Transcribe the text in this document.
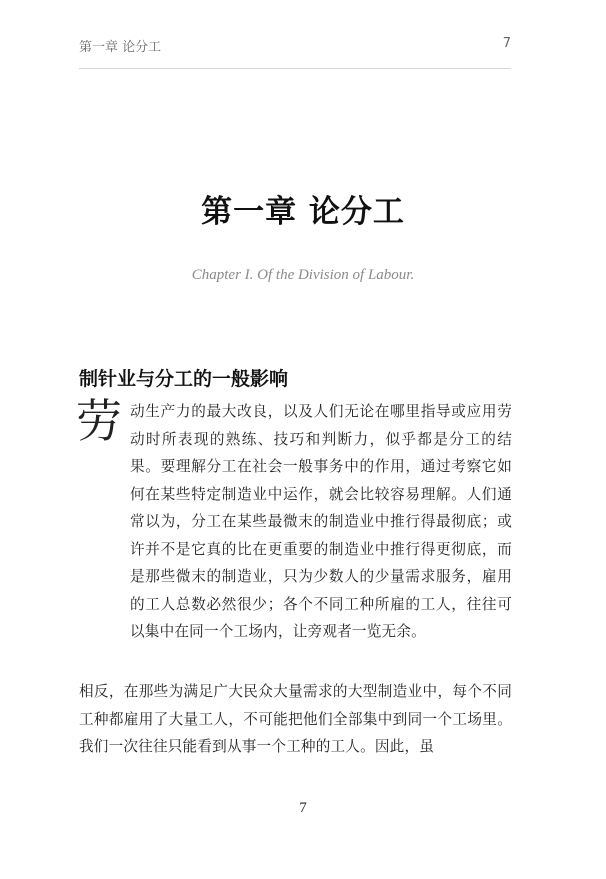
第一章 论分工	7
第一章 论分工

Chapter I. Of the Division of Labour.

制针业与分工的一般影响
劳 动生产力的最大改良，以及人们无论在哪里指导或应用劳动时所表现的熟练、技巧和判断力，似乎都是分工的结果。要理解分工在社会一般事务中的作用，通过考察它如何在某些特定制造业中运作，就会比较容易理解。人们通常以为，分工在某些最微末的制造业中推行得最彻底；或许并不是它真的比在更重要的制造业中推行得更彻底，而是那些微末的制造业，只为少数人的少量需求服务，雇用的工人总数必然很少；各个不同工种所雇的工人，往往可以集中在同一个工场内，让旁观者一览无余。

相反，在那些为满足广大民众大量需求的大型制造业中，每个不同工种都雇用了大量工人，不可能把他们全部集中到同一个工场里。我们一次往往只能看到从事一个工种的工人。因此，虽

7
